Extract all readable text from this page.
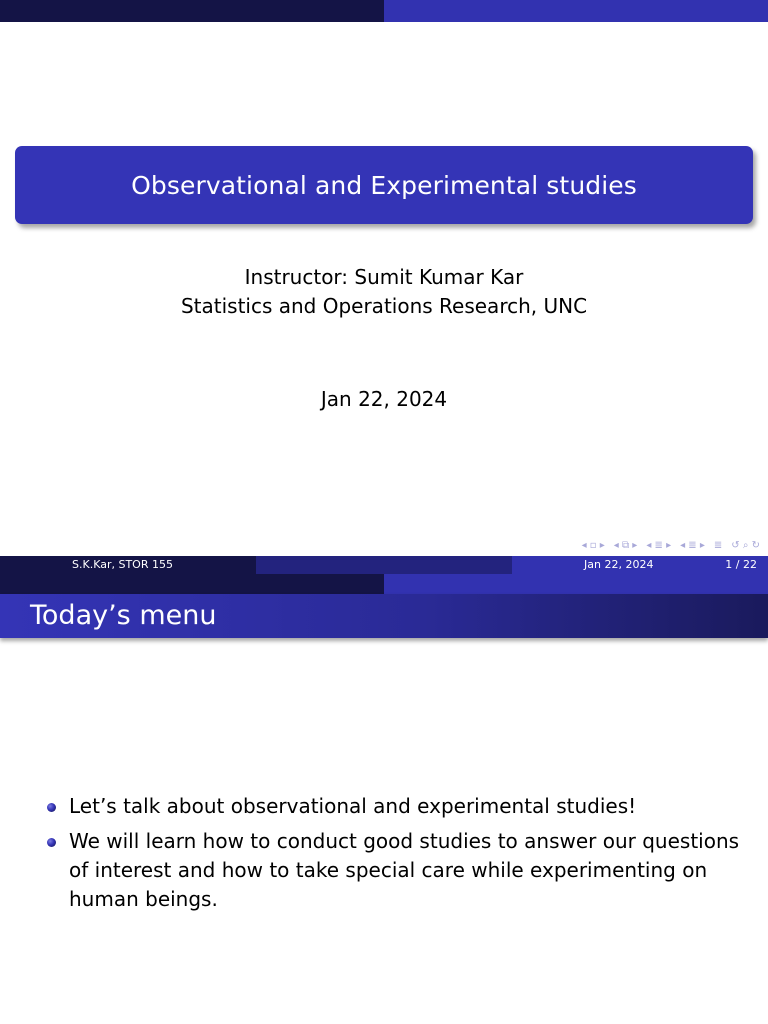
Observational and Experimental studies
Instructor: Sumit Kumar Kar
Statistics and Operations Research, UNC
Jan 22, 2024
◂ ▫ ▸ ◂ ⧉ ▸ ◂ ≣ ▸ ◂ ≣ ▸ ≣ ↺ ⌕ ↻
S.K.Kar, STOR 155	Jan 22, 2024	1 / 22
Today’s menu
Let’s talk about observational and experimental studies!
We will learn how to conduct good studies to answer our questions of interest and how to take special care while experimenting on human beings.
